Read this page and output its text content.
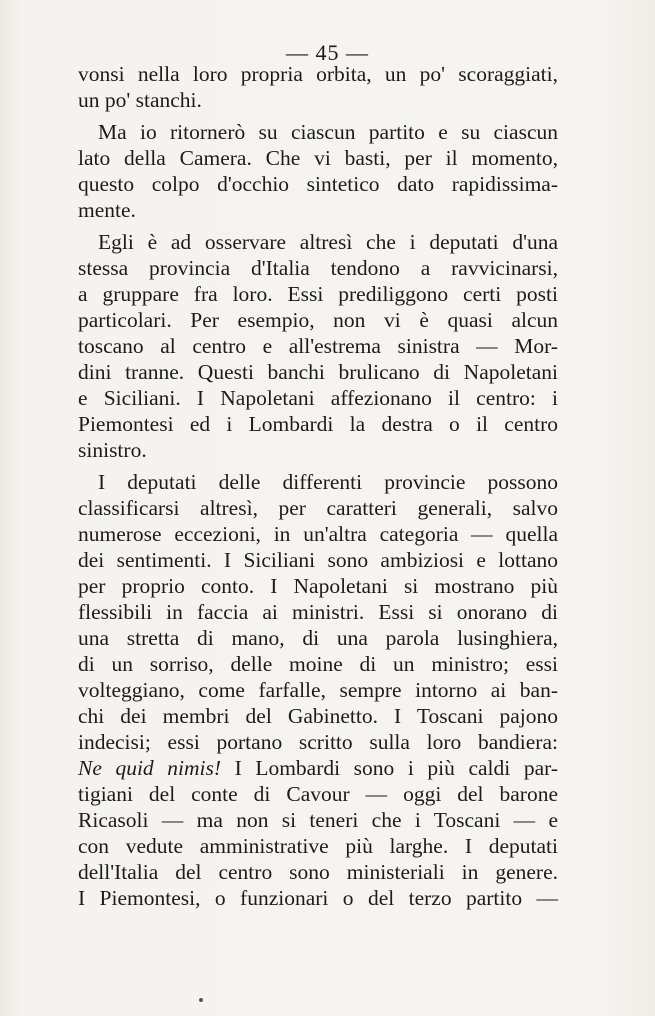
— 45 —
vonsi nella loro propria orbita, un po' scoraggiati,
un po' stanchi.
Ma io ritornerò su ciascun partito e su ciascun
lato della Camera. Che vi basti, per il momento,
questo colpo d'occhio sintetico dato rapidissima-
mente.
Egli è ad osservare altresì che i deputati d'una
stessa provincia d'Italia tendono a ravvicinarsi,
a gruppare fra loro. Essi prediliggono certi posti
particolari. Per esempio, non vi è quasi alcun
toscano al centro e all'estrema sinistra — Mor-
dini tranne. Questi banchi brulicano di Napoletani
e Siciliani. I Napoletani affezionano il centro: i
Piemontesi ed i Lombardi la destra o il centro
sinistro.
I deputati delle differenti provincie possono
classificarsi altresì, per caratteri generali, salvo
numerose eccezioni, in un'altra categoria — quella
dei sentimenti. I Siciliani sono ambiziosi e lottano
per proprio conto. I Napoletani si mostrano più
flessibili in faccia ai ministri. Essi si onorano di
una stretta di mano, di una parola lusinghiera,
di un sorriso, delle moine di un ministro; essi
volteggiano, come farfalle, sempre intorno ai ban-
chi dei membri del Gabinetto. I Toscani pajono
indecisi; essi portano scritto sulla loro bandiera:
Ne quid nimis! I Lombardi sono i più caldi par-
tigiani del conte di Cavour — oggi del barone
Ricasoli — ma non si teneri che i Toscani — e
con vedute amministrative più larghe. I deputati
dell'Italia del centro sono ministeriali in genere.
I Piemontesi, o funzionari o del terzo partito —
